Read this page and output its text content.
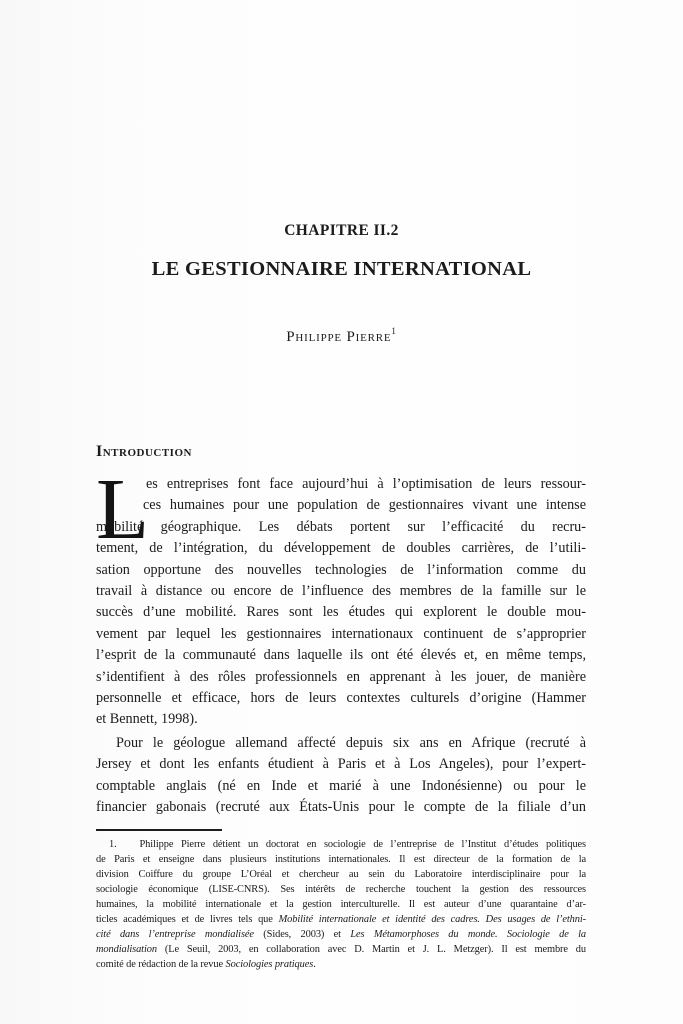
CHAPITRE II.2
LE GESTIONNAIRE INTERNATIONAL
Philippe Pierre$^1$
Introduction
L
es entreprises font face aujourd’hui à l’optimisation de leurs ressour-
ces humaines pour une population de gestionnaires vivant une intense
mobilité géographique. Les débats portent sur l’efficacité du recru-
tement, de l’intégration, du développement de doubles carrières, de l’utili-
sation opportune des nouvelles technologies de l’information comme du
travail à distance ou encore de l’influence des membres de la famille sur le
succès d’une mobilité. Rares sont les études qui explorent le double mou-
vement par lequel les gestionnaires internationaux continuent de s’approprier
l’esprit de la communauté dans laquelle ils ont été élevés et, en même temps,
s’identifient à des rôles professionnels en apprenant à les jouer, de manière
personnelle et efficace, hors de leurs contextes culturels d’origine (Hammer
et Bennett, 1998).
Pour le géologue allemand affecté depuis six ans en Afrique (recruté à
Jersey et dont les enfants étudient à Paris et à Los Angeles), pour l’expert-
comptable anglais (né en Inde et marié à une Indonésienne) ou pour le
financier gabonais (recruté aux États-Unis pour le compte de la filiale d’un
1.   Philippe Pierre détient un doctorat en sociologie de l’entreprise de l’Institut d’études politiques
de Paris et enseigne dans plusieurs institutions internationales. Il est directeur de la formation de la
division Coiffure du groupe L’Oréal et chercheur au sein du Laboratoire interdisciplinaire pour la
sociologie économique (LISE-CNRS). Ses intérêts de recherche touchent la gestion des ressources
humaines, la mobilité internationale et la gestion interculturelle. Il est auteur d’une quarantaine d’ar-
ticles académiques et de livres tels que Mobilité internationale et identité des cadres. Des usages de l’ethni-
cité dans l’entreprise mondialisée (Sides, 2003) et Les Métamorphoses du monde. Sociologie de la
mondialisation (Le Seuil, 2003, en collaboration avec D. Martin et J. L. Metzger). Il est membre du
comité de rédaction de la revue Sociologies pratiques.
